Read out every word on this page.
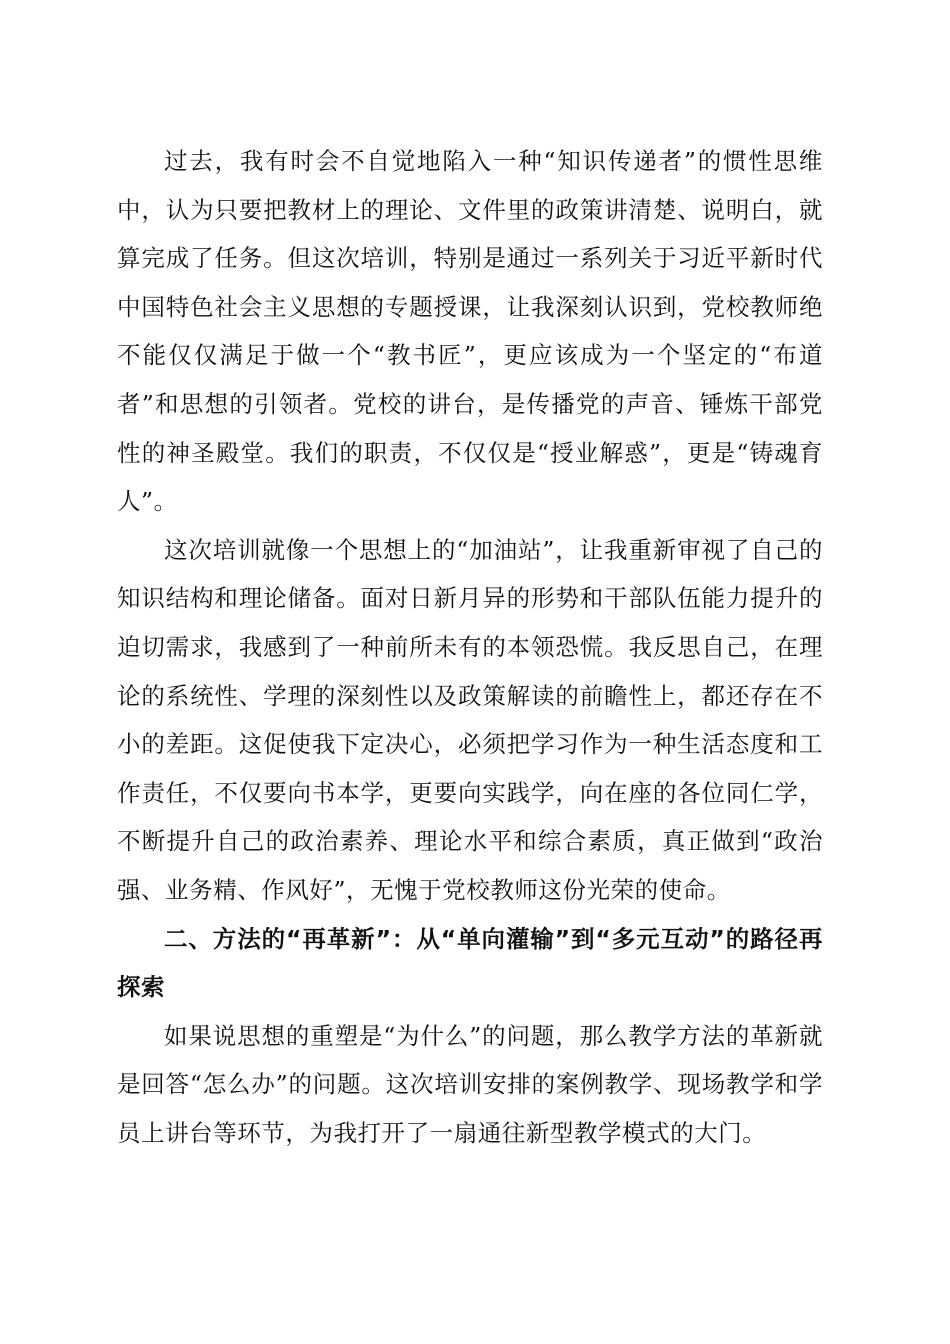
过去，我有时会不自觉地陷入一种“知识传递者”的惯性思维中，认为只要把教材上的理论、文件里的政策讲清楚、说明白，就算完成了任务。但这次培训，特别是通过一系列关于习近平新时代中国特色社会主义思想的专题授课，让我深刻认识到，党校教师绝不能仅仅满足于做一个“教书匠”，更应该成为一个坚定的“布道者”和思想的引领者。党校的讲台，是传播党的声音、锤炼干部党性的神圣殿堂。我们的职责，不仅仅是“授业解惑”，更是“铸魂育人”。

这次培训就像一个思想上的“加油站”，让我重新审视了自己的知识结构和理论储备。面对日新月异的形势和干部队伍能力提升的迫切需求，我感到了一种前所未有的本领恐慌。我反思自己，在理论的系统性、学理的深刻性以及政策解读的前瞻性上，都还存在不小的差距。这促使我下定决心，必须把学习作为一种生活态度和工作责任，不仅要向书本学，更要向实践学，向在座的各位同仁学，不断提升自己的政治素养、理论水平和综合素质，真正做到“政治强、业务精、作风好”，无愧于党校教师这份光荣的使命。

二、方法的“再革新”：从“单向灌输”到“多元互动”的路径再探索

如果说思想的重塑是“为什么”的问题，那么教学方法的革新就是回答“怎么办”的问题。这次培训安排的案例教学、现场教学和学员上讲台等环节，为我打开了一扇通往新型教学模式的大门。
